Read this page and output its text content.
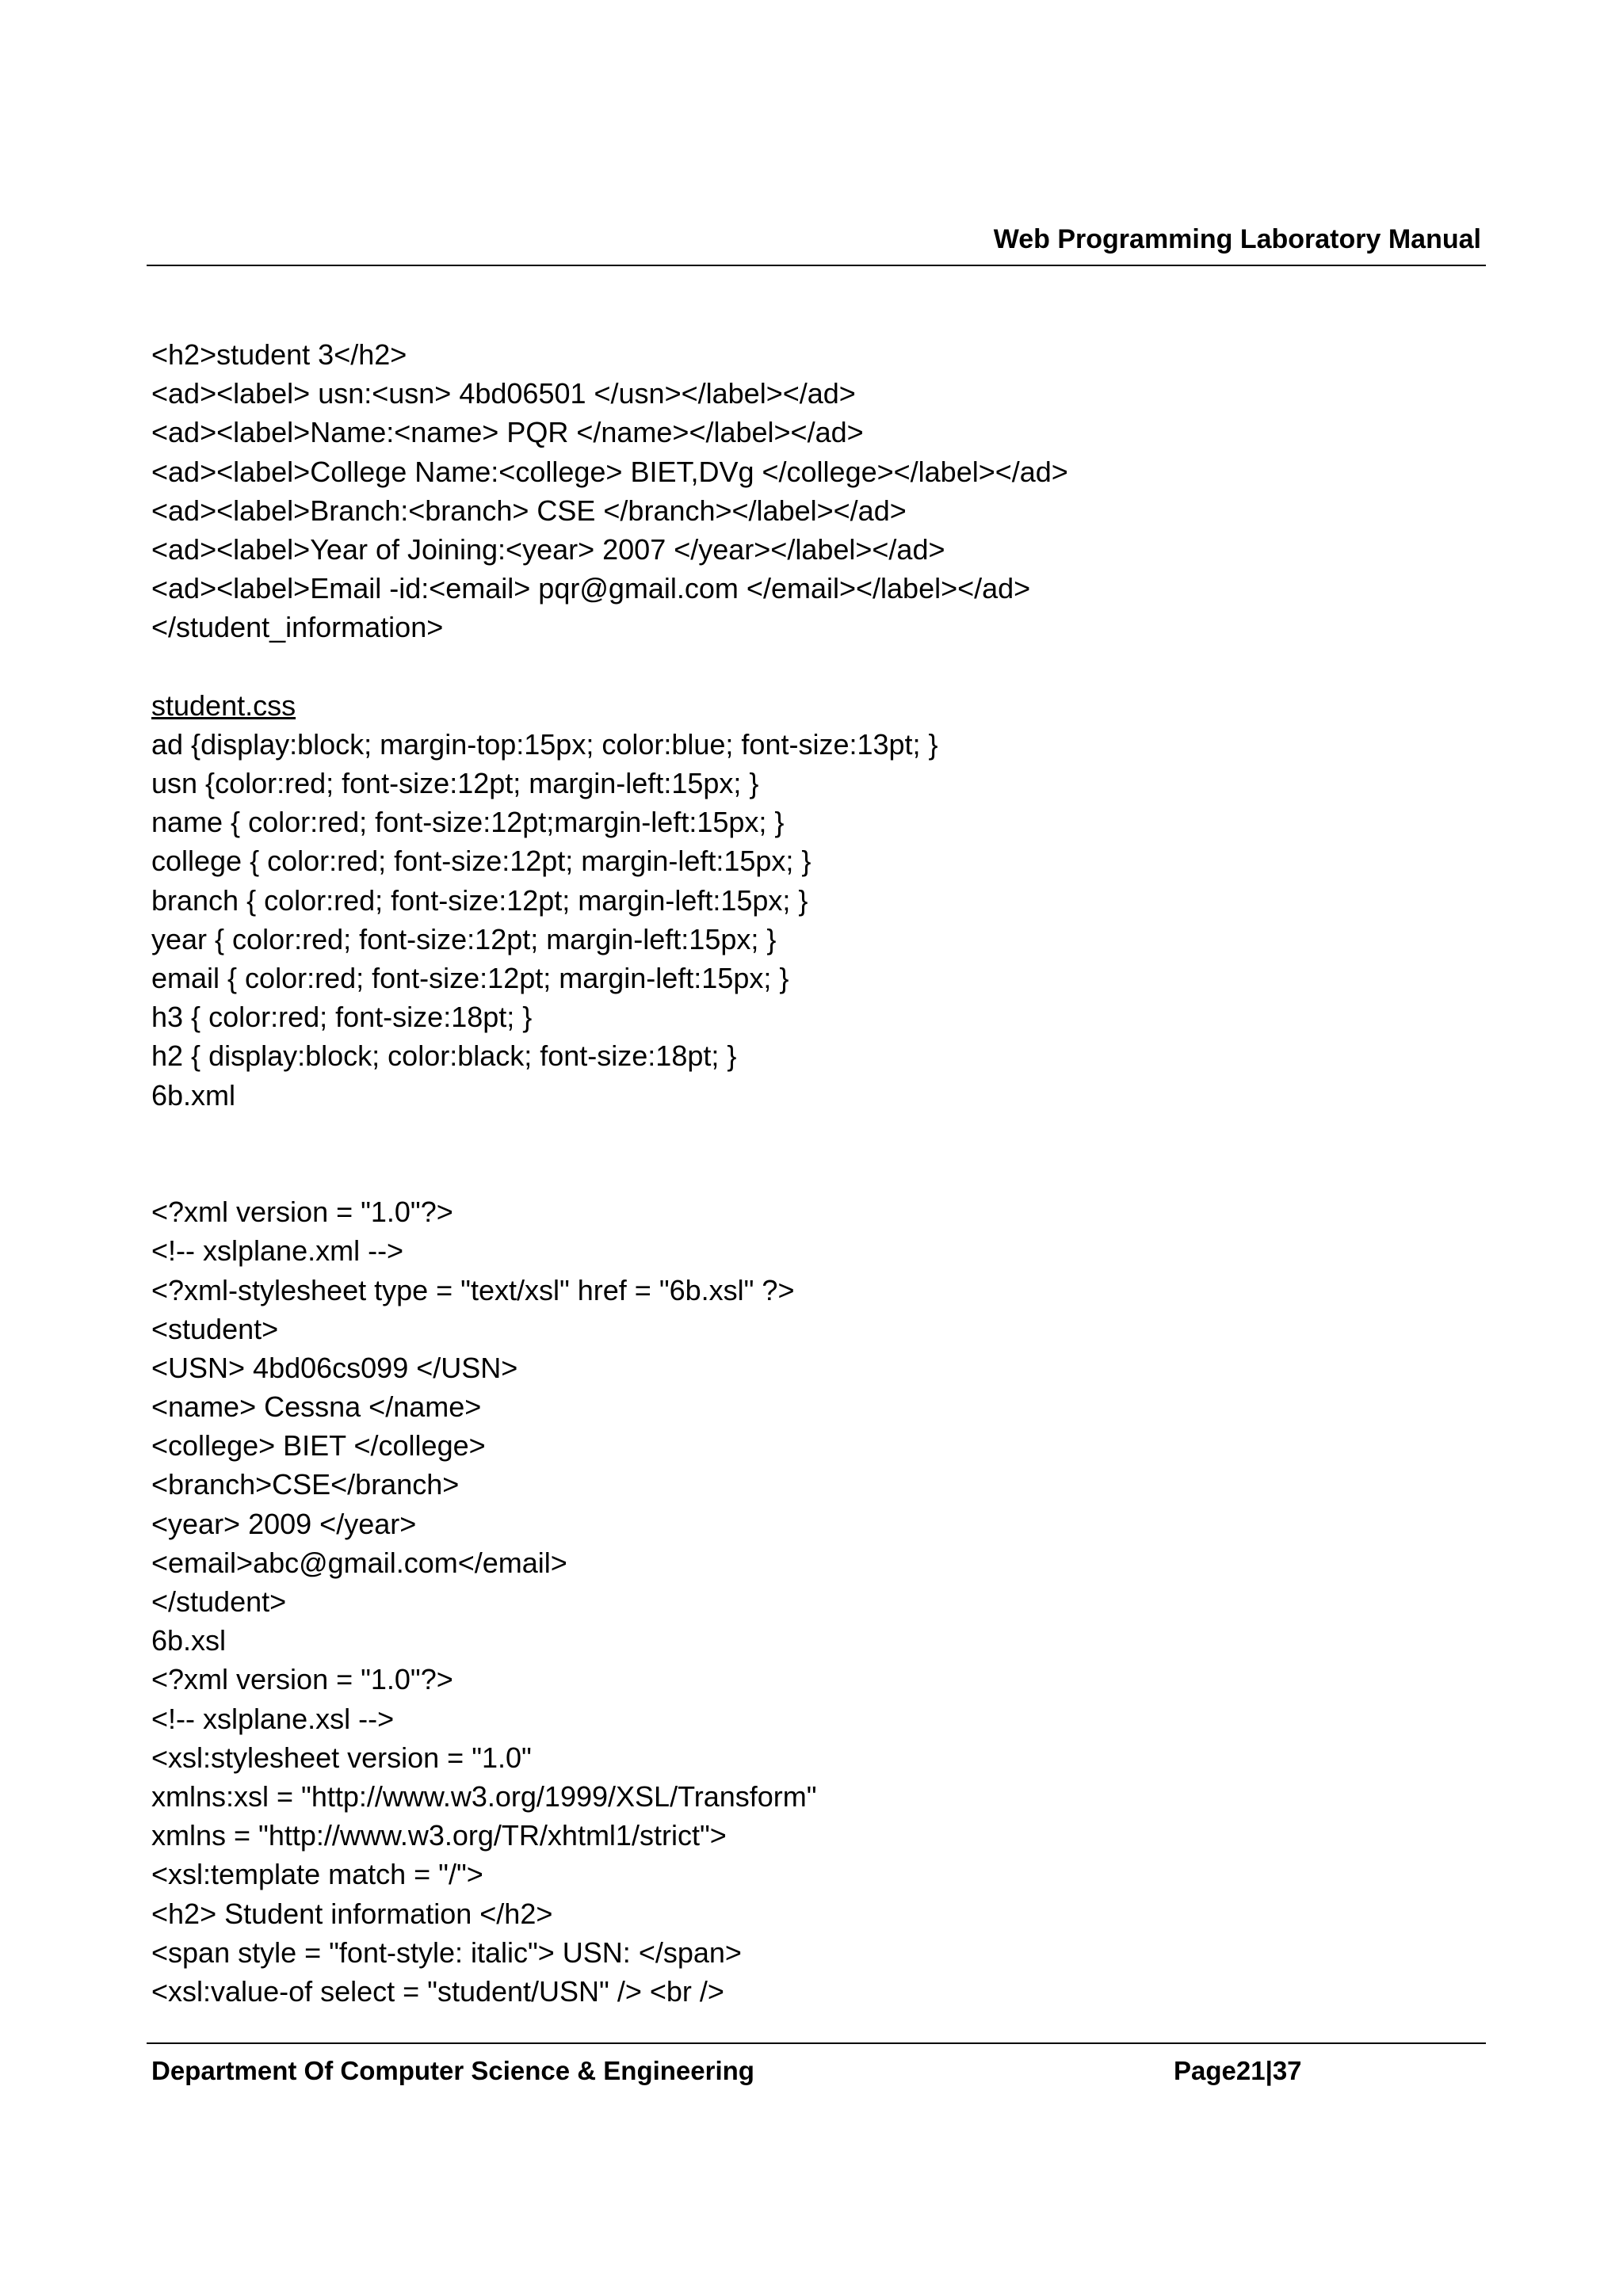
Web Programming Laboratory Manual
<h2>student 3</h2>
<ad><label> usn:<usn> 4bd06501 </usn></label></ad>
<ad><label>Name:<name> PQR </name></label></ad>
<ad><label>College Name:<college> BIET,DVg </college></label></ad>
<ad><label>Branch:<branch> CSE </branch></label></ad>
<ad><label>Year of Joining:<year> 2007 </year></label></ad>
<ad><label>Email -id:<email> pqr@gmail.com </email></label></ad>
</student_information>
student.css
ad {display:block; margin-top:15px; color:blue; font-size:13pt; }
usn {color:red; font-size:12pt; margin-left:15px; }
name { color:red; font-size:12pt;margin-left:15px; }
college { color:red; font-size:12pt; margin-left:15px; }
branch { color:red; font-size:12pt; margin-left:15px; }
year { color:red; font-size:12pt; margin-left:15px; }
email { color:red; font-size:12pt; margin-left:15px; }
h3 { color:red; font-size:18pt; }
h2 { display:block; color:black; font-size:18pt; }
6b.xml
<?xml version = "1.0"?>
<!-- xslplane.xml -->
<?xml-stylesheet type = "text/xsl" href = "6b.xsl" ?>
<student>
<USN> 4bd06cs099 </USN>
<name> Cessna </name>
<college> BIET </college>
<branch>CSE</branch>
<year> 2009 </year>
<email>abc@gmail.com</email>
</student>
6b.xsl
<?xml version = "1.0"?>
<!-- xslplane.xsl -->
<xsl:stylesheet version = "1.0"
xmlns:xsl = "http://www.w3.org/1999/XSL/Transform"
xmlns = "http://www.w3.org/TR/xhtml1/strict">
<xsl:template match = "/">
<h2> Student information </h2>
<span style = "font-style: italic"> USN: </span>
<xsl:value-of select = "student/USN" /> <br />
Department Of Computer Science & Engineering	Page21|37
